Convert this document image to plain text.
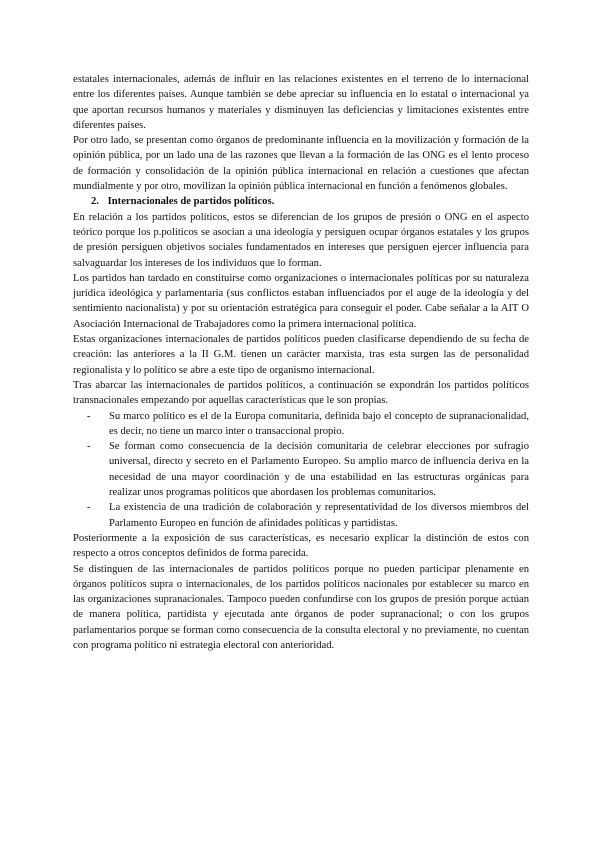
estatales internacionales, además de influir en las relaciones existentes en el terreno de lo internacional entre los diferentes países. Aunque también se debe apreciar su influencia en lo estatal o internacional ya que aportan recursos humanos y materiales y disminuyen las deficiencias y limitaciones existentes entre diferentes países.

Por otro lado, se presentan como órganos de predominante influencia en la movilización y formación de la opinión pública, por un lado una de las razones que llevan a la formación de las ONG es el lento proceso de formación y consolidación de la opinión pública internacional en relación a cuestiones que afectan mundialmente y por otro, movilizan la opinión pública internacional en función a fenómenos globales.

2. Internacionales de partidos políticos.

En relación a los partidos políticos, estos se diferencian de los grupos de presión o ONG en el aspecto teórico porque los p.políticos se asocian a una ideología y persiguen ocupar órganos estatales y los grupos de presión persiguen objetivos sociales fundamentados en intereses que persiguen ejercer influencia para salvaguardar los intereses de los individuos que lo forman.

Los partidos han tardado en constituirse como organizaciones o internacionales políticas por su naturaleza jurídica ideológica y parlamentaria (sus conflictos estaban influenciados por el auge de la ideología y del sentimiento nacionalista) y por su orientación estratégica para conseguir el poder. Cabe señalar a la AIT O Asociación Internacional de Trabajadores como la primera internacional política.

Estas organizaciones internacionales de partidos políticos pueden clasificarse dependiendo de su fecha de creación: las anteriores a la II G.M. tienen un carácter marxista, tras esta surgen las de personalidad regionalista y lo político se abre a este tipo de organismo internacional.

Tras abarcar las internacionales de partidos políticos, a continuación se expondrán los partidos políticos transnacionales empezando por aquellas características que le son propias.

- Su marco político es el de la Europa comunitaria, definida bajo el concepto de supranacionalidad, es decir, no tiene un marco inter o transaccional propio.
- Se forman como consecuencia de la decisión comunitaria de celebrar elecciones por sufragio universal, directo y secreto en el Parlamento Europeo. Su amplio marco de influencia deriva en la necesidad de una mayor coordinación y de una estabilidad en las estructuras orgánicas para realizar unos programas políticos que abordasen los problemas comunitarios.
- La existencia de una tradición de colaboración y representatividad de los diversos miembros del Parlamento Europeo en función de afinidades políticas y partidistas.

Posteriormente a la exposición de sus características, es necesario explicar la distinción de estos con respecto a otros conceptos definidos de forma parecida.

Se distinguen de las internacionales de partidos políticos porque no pueden participar plenamente en órganos políticos supra o internacionales, de los partidos políticos nacionales por establecer su marco en las organizaciones supranacionales. Tampoco pueden confundirse con los grupos de presión porque actúan de manera política, partidista y ejecutada ante órganos de poder supranacional; o con los grupos parlamentarios porque se forman como consecuencia de la consulta electoral y no previamente, no cuentan con programa político ni estrategia electoral con anterioridad.
